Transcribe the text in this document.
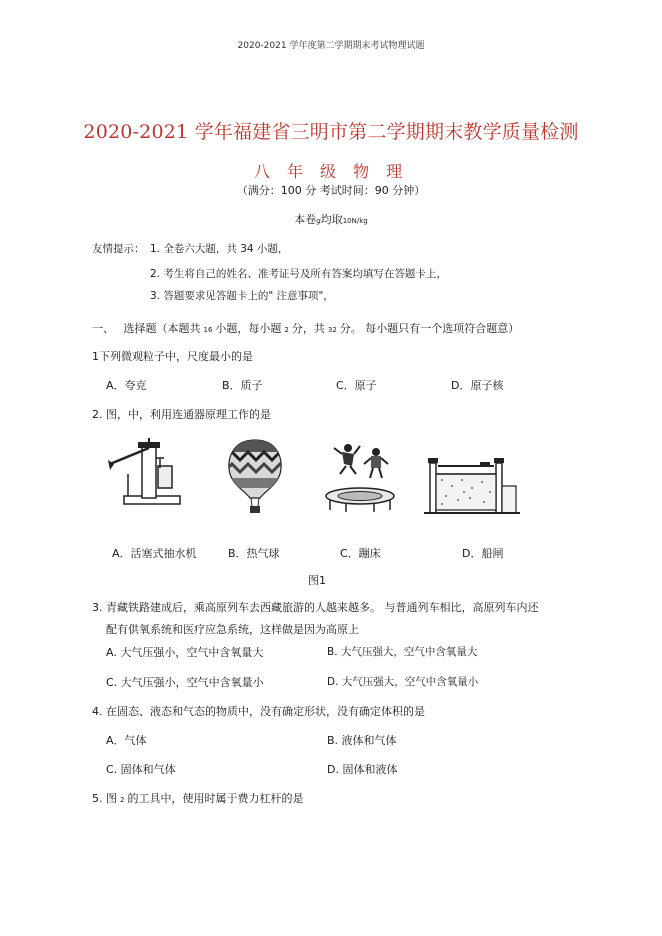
2020-2021 学年度第二学期期末考试物理试题
2020-2021 学年福建省三明市第二学期期末教学质量检测
八 年 级 物 理
（满分：100 分 考试时间：90 分钟）
本卷g均取10N/kg
友情提示： 1. 全卷六大题，共 34 小题，
2. 考生将自己的姓名、准考证号及所有答案均填写在答题卡上，
3. 答题要求见答题卡上的" 注意事项"，
一、 选择题（本题共 16 小题，每小题 2 分，共 32 分。 每小题只有一个选项符合题意）
1下列微观粒子中，尺度最小的是
A．夸克	B．质子	C．原子	D．原子核
2. 图，中，利用连通器原理工作的是
A．活塞式抽水机	B．热气球	C．蹦床	D．船闸
图1
3. 青藏铁路建成后，乘高原列车去西藏旅游的人越来越多。 与普通列车相比，高原列车内还
配有供氧系统和医疗应急系统，这样做是因为高原上
A. 大气压强小，空气中含氧量大	B. 大气压强大，空气中含氧量大
C. 大气压强小，空气中含氧量小	D. 大气压强大，空气中含氧量小
4. 在固态、液态和气态的物质中，没有确定形状，没有确定体积的是
A．气体	B. 液体和气体
C. 固体和气体	D. 固体和液体
5. 图 2 的工具中，使用时属于费力杠杆的是
